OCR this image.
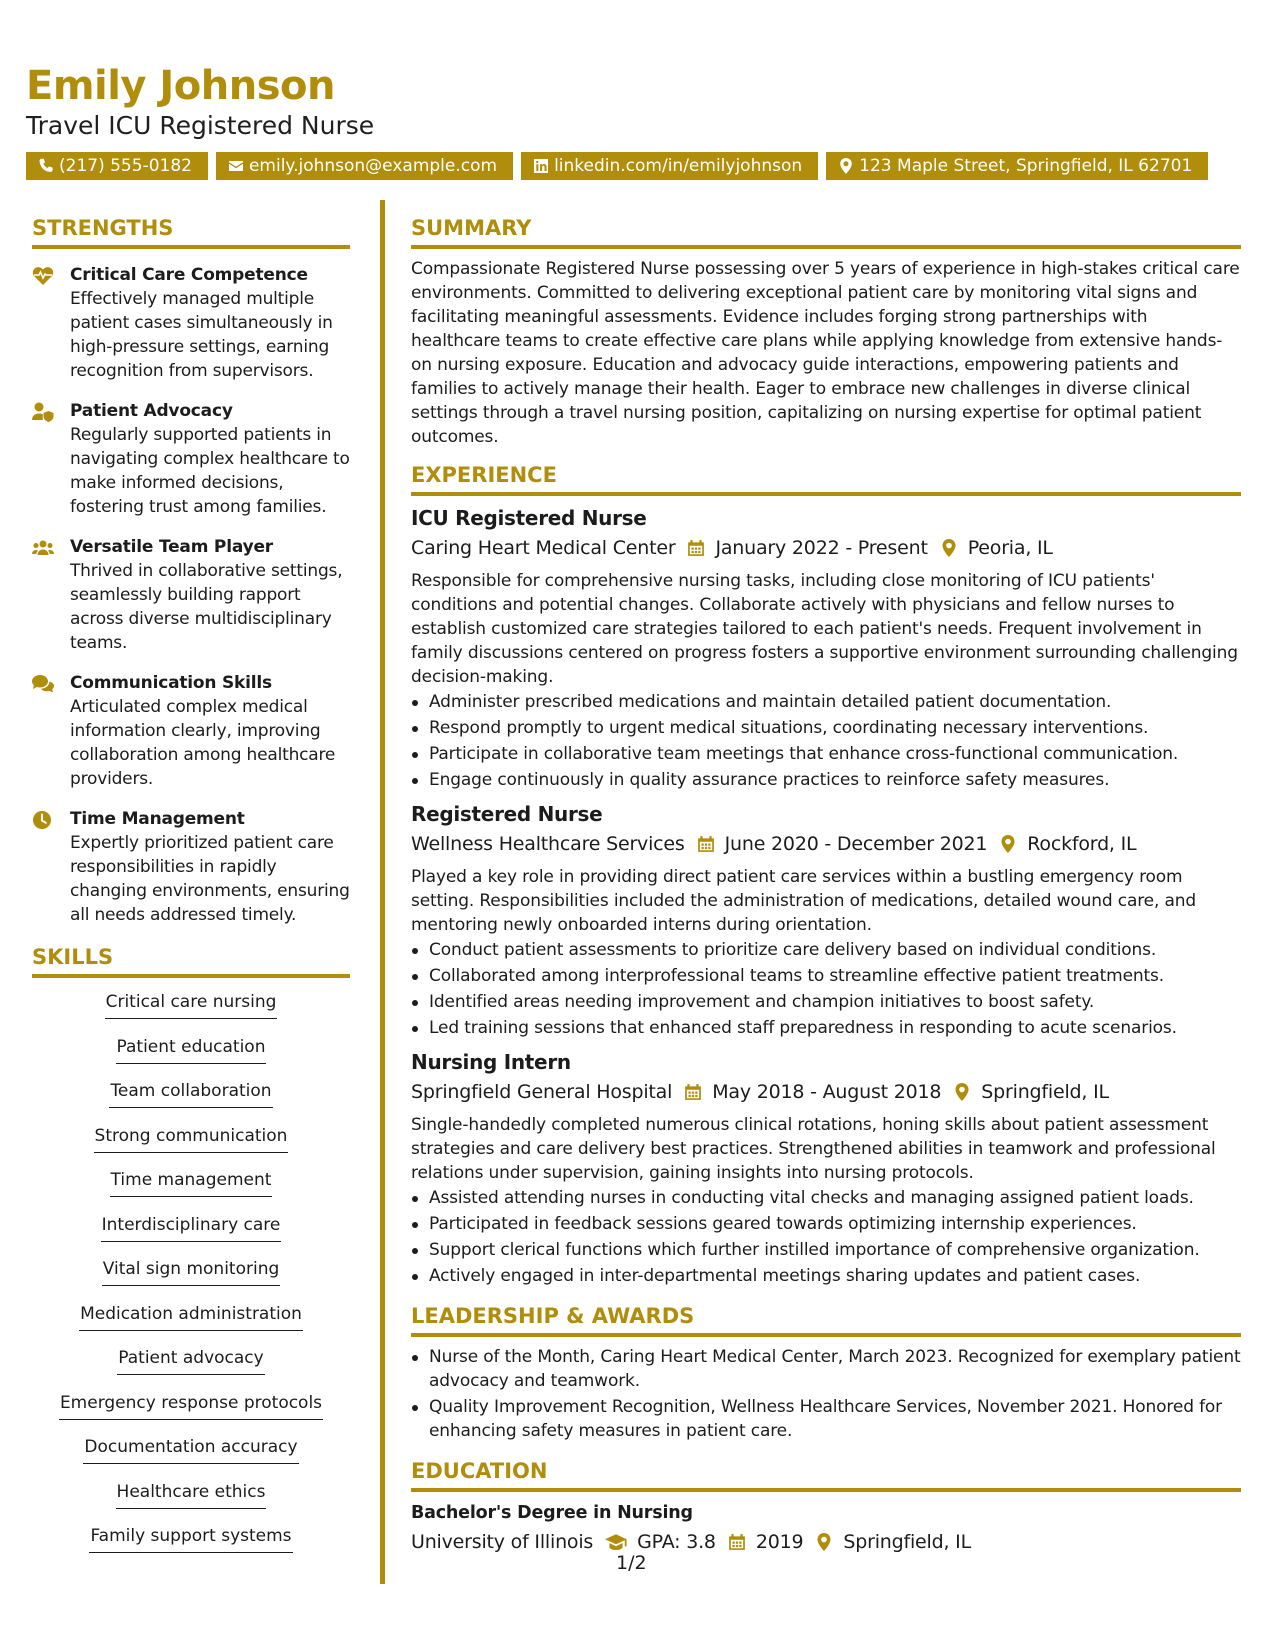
Emily Johnson
Travel ICU Registered Nurse
(217) 555-0182	emily.johnson@example.com	linkedin.com/in/emilyjohnson	123 Maple Street, Springfield, IL 62701
STRENGTHS
Critical Care Competence
Effectively managed multiple patient cases simultaneously in high-pressure settings, earning recognition from supervisors.
Patient Advocacy
Regularly supported patients in navigating complex healthcare to make informed decisions, fostering trust among families.
Versatile Team Player
Thrived in collaborative settings, seamlessly building rapport across diverse multidisciplinary teams.
Communication Skills
Articulated complex medical information clearly, improving collaboration among healthcare providers.
Time Management
Expertly prioritized patient care responsibilities in rapidly changing environments, ensuring all needs addressed timely.
SKILLS
Critical care nursing
Patient education
Team collaboration
Strong communication
Time management
Interdisciplinary care
Vital sign monitoring
Medication administration
Patient advocacy
Emergency response protocols
Documentation accuracy
Healthcare ethics
Family support systems
SUMMARY
Compassionate Registered Nurse possessing over 5 years of experience in high-stakes critical care environments. Committed to delivering exceptional patient care by monitoring vital signs and facilitating meaningful assessments. Evidence includes forging strong partnerships with healthcare teams to create effective care plans while applying knowledge from extensive hands-on nursing exposure. Education and advocacy guide interactions, empowering patients and families to actively manage their health. Eager to embrace new challenges in diverse clinical settings through a travel nursing position, capitalizing on nursing expertise for optimal patient outcomes.
EXPERIENCE
ICU Registered Nurse
Caring Heart Medical Center January 2022 - Present Peoria, IL
Responsible for comprehensive nursing tasks, including close monitoring of ICU patients' conditions and potential changes. Collaborate actively with physicians and fellow nurses to establish customized care strategies tailored to each patient's needs. Frequent involvement in family discussions centered on progress fosters a supportive environment surrounding challenging decision-making.
Administer prescribed medications and maintain detailed patient documentation.
Respond promptly to urgent medical situations, coordinating necessary interventions.
Participate in collaborative team meetings that enhance cross-functional communication.
Engage continuously in quality assurance practices to reinforce safety measures.
Registered Nurse
Wellness Healthcare Services June 2020 - December 2021 Rockford, IL
Played a key role in providing direct patient care services within a bustling emergency room setting. Responsibilities included the administration of medications, detailed wound care, and mentoring newly onboarded interns during orientation.
Conduct patient assessments to prioritize care delivery based on individual conditions.
Collaborated among interprofessional teams to streamline effective patient treatments.
Identified areas needing improvement and champion initiatives to boost safety.
Led training sessions that enhanced staff preparedness in responding to acute scenarios.
Nursing Intern
Springfield General Hospital May 2018 - August 2018 Springfield, IL
Single-handedly completed numerous clinical rotations, honing skills about patient assessment strategies and care delivery best practices. Strengthened abilities in teamwork and professional relations under supervision, gaining insights into nursing protocols.
Assisted attending nurses in conducting vital checks and managing assigned patient loads.
Participated in feedback sessions geared towards optimizing internship experiences.
Support clerical functions which further instilled importance of comprehensive organization.
Actively engaged in inter-departmental meetings sharing updates and patient cases.
LEADERSHIP & AWARDS
Nurse of the Month, Caring Heart Medical Center, March 2023. Recognized for exemplary patient advocacy and teamwork.
Quality Improvement Recognition, Wellness Healthcare Services, November 2021. Honored for enhancing safety measures in patient care.
EDUCATION
Bachelor's Degree in Nursing
University of Illinois GPA: 3.8 2019 Springfield, IL
1/2
